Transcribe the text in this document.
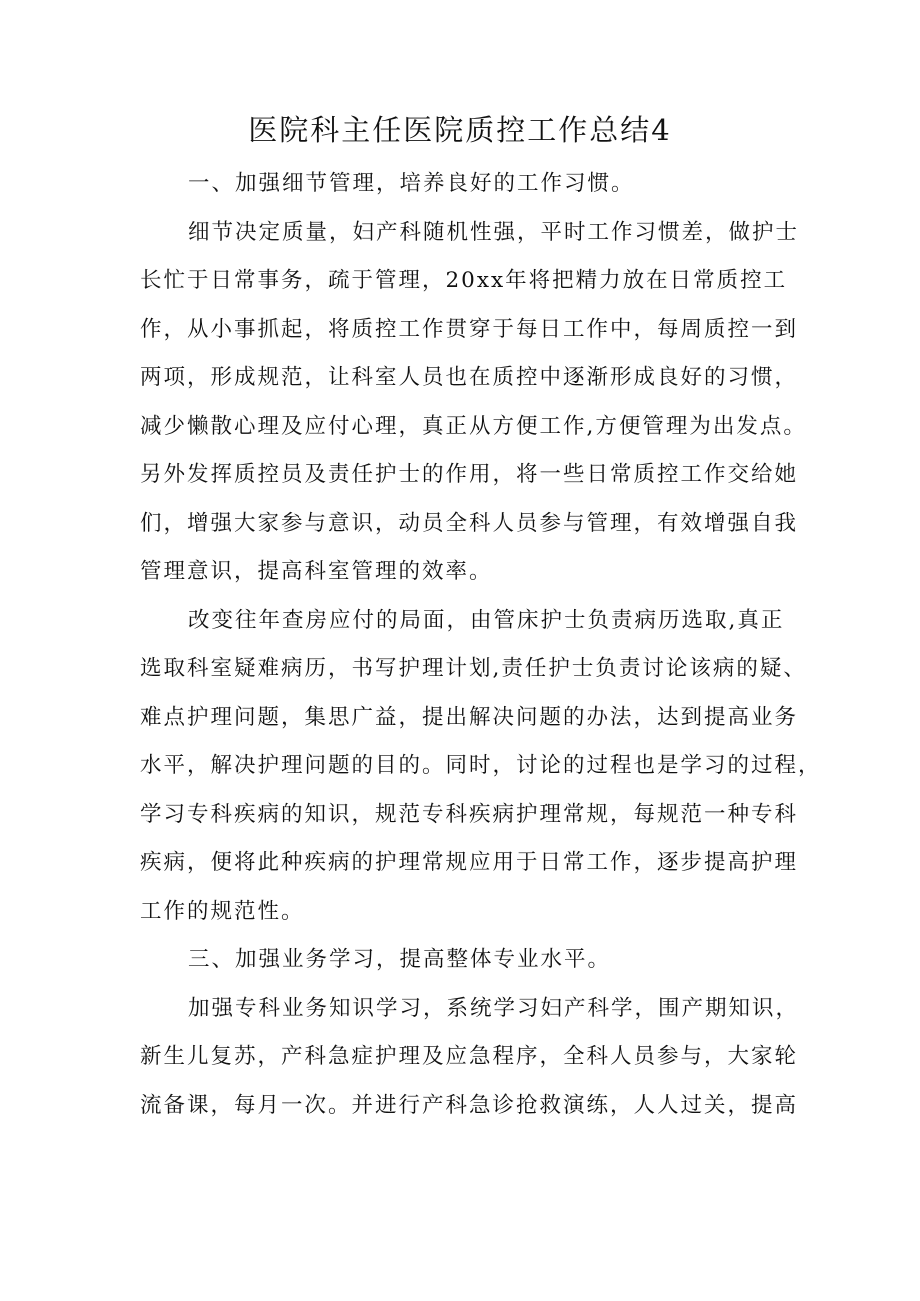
医院科主任医院质控工作总结4

一、加强细节管理，培养良好的工作习惯。

细节决定质量，妇产科随机性强，平时工作习惯差，做护士
长忙于日常事务，疏于管理，20xx年将把精力放在日常质控工
作，从小事抓起，将质控工作贯穿于每日工作中，每周质控一到
两项，形成规范，让科室人员也在质控中逐渐形成良好的习惯，
减少懒散心理及应付心理，真正从方便工作,方便管理为出发点。
另外发挥质控员及责任护士的作用，将一些日常质控工作交给她
们，增强大家参与意识，动员全科人员参与管理，有效增强自我
管理意识，提高科室管理的效率。

改变往年查房应付的局面，由管床护士负责病历选取,真正
选取科室疑难病历，书写护理计划,责任护士负责讨论该病的疑、
难点护理问题，集思广益，提出解决问题的办法，达到提高业务
水平，解决护理问题的目的。同时，讨论的过程也是学习的过程，
学习专科疾病的知识，规范专科疾病护理常规，每规范一种专科
疾病，便将此种疾病的护理常规应用于日常工作，逐步提高护理
工作的规范性。

三、加强业务学习，提高整体专业水平。

加强专科业务知识学习，系统学习妇产科学，围产期知识，
新生儿复苏，产科急症护理及应急程序，全科人员参与，大家轮
流备课，每月一次。并进行产科急诊抢救演练，人人过关，提高
